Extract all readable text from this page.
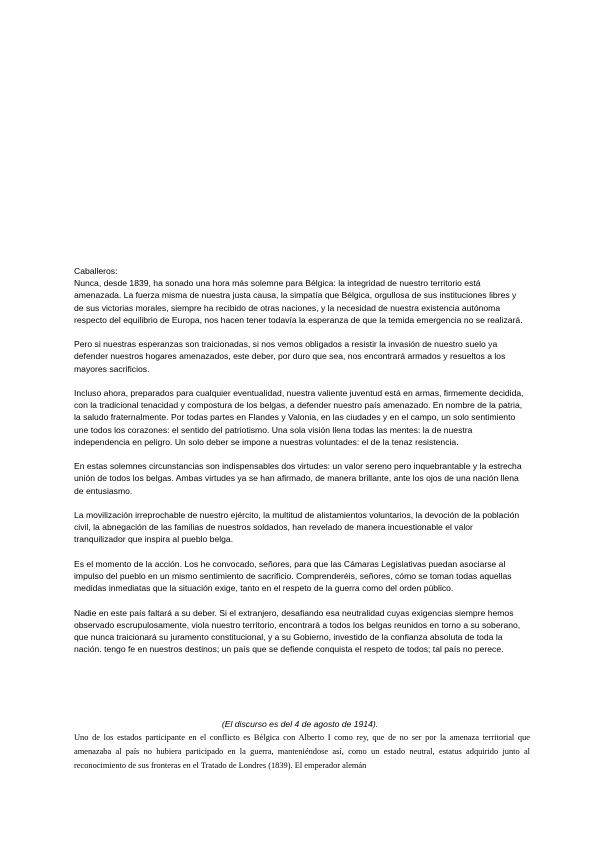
Caballeros:

Nunca, desde 1839, ha sonado una hora más solemne para Bélgica: la integridad de nuestro territorio está amenazada. La fuerza misma de nuestra justa causa, la simpatía que Bélgica, orgullosa de sus instituciones libres y de sus victorias morales, siempre ha recibido de otras naciones, y la necesidad de nuestra existencia autónoma respecto del equilibrio de Europa, nos hacen tener todavía la esperanza de que la temida emergencia no se realizará.

Pero si nuestras esperanzas son traicionadas, si nos vemos obligados a resistir la invasión de nuestro suelo ya defender nuestros hogares amenazados, este deber, por duro que sea, nos encontrará armados y resueltos a los mayores sacrificios.

Incluso ahora, preparados para cualquier eventualidad, nuestra valiente juventud está en armas, firmemente decidida, con la tradicional tenacidad y compostura de los belgas, a defender nuestro país amenazado. En nombre de la patria, la saludo fraternalmente. Por todas partes en Flandes y Valonia, en las ciudades y en el campo, un solo sentimiento une todos los corazones: el sentido del patriotismo. Una sola visión llena todas las mentes: la de nuestra independencia en peligro. Un solo deber se impone a nuestras voluntades: el de la tenaz resistencia.

En estas solemnes circunstancias son indispensables dos virtudes: un valor sereno pero inquebrantable y la estrecha unión de todos los belgas. Ambas virtudes ya se han afirmado, de manera brillante, ante los ojos de una nación llena de entusiasmo.

La movilización irreprochable de nuestro ejército, la multitud de alistamientos voluntarios, la devoción de la población civil, la abnegación de las familias de nuestros soldados, han revelado de manera incuestionable el valor tranquilizador que inspira al pueblo belga.

Es el momento de la acción. Los he convocado, señores, para que las Cámaras Legislativas puedan asociarse al impulso del pueblo en un mismo sentimiento de sacrificio. Comprenderéis, señores, cómo se toman todas aquellas medidas inmediatas que la situación exige, tanto en el respeto de la guerra como del orden público.

Nadie en este país faltará a su deber. Si el extranjero, desafiando esa neutralidad cuyas exigencias siempre hemos observado escrupulosamente, viola nuestro territorio, encontrará a todos los belgas reunidos en torno a su soberano, que nunca traicionará su juramento constitucional, y a su Gobierno, investido de la confianza absoluta de toda la nación. tengo fe en nuestros destinos; un país que se defiende conquista el respeto de todos; tal país no perece.

(El discurso es del 4 de agosto de 1914).
Uno de los estados participante en el conflicto es Bélgica con Alberto I como rey, que de no ser por la amenaza territorial que amenazaba al país no hubiera participado en la guerra, manteniéndose así, como un estado neutral, estatus adquirido junto al reconocimiento de sus fronteras en el Tratado de Londres (1839). El emperador alemán
